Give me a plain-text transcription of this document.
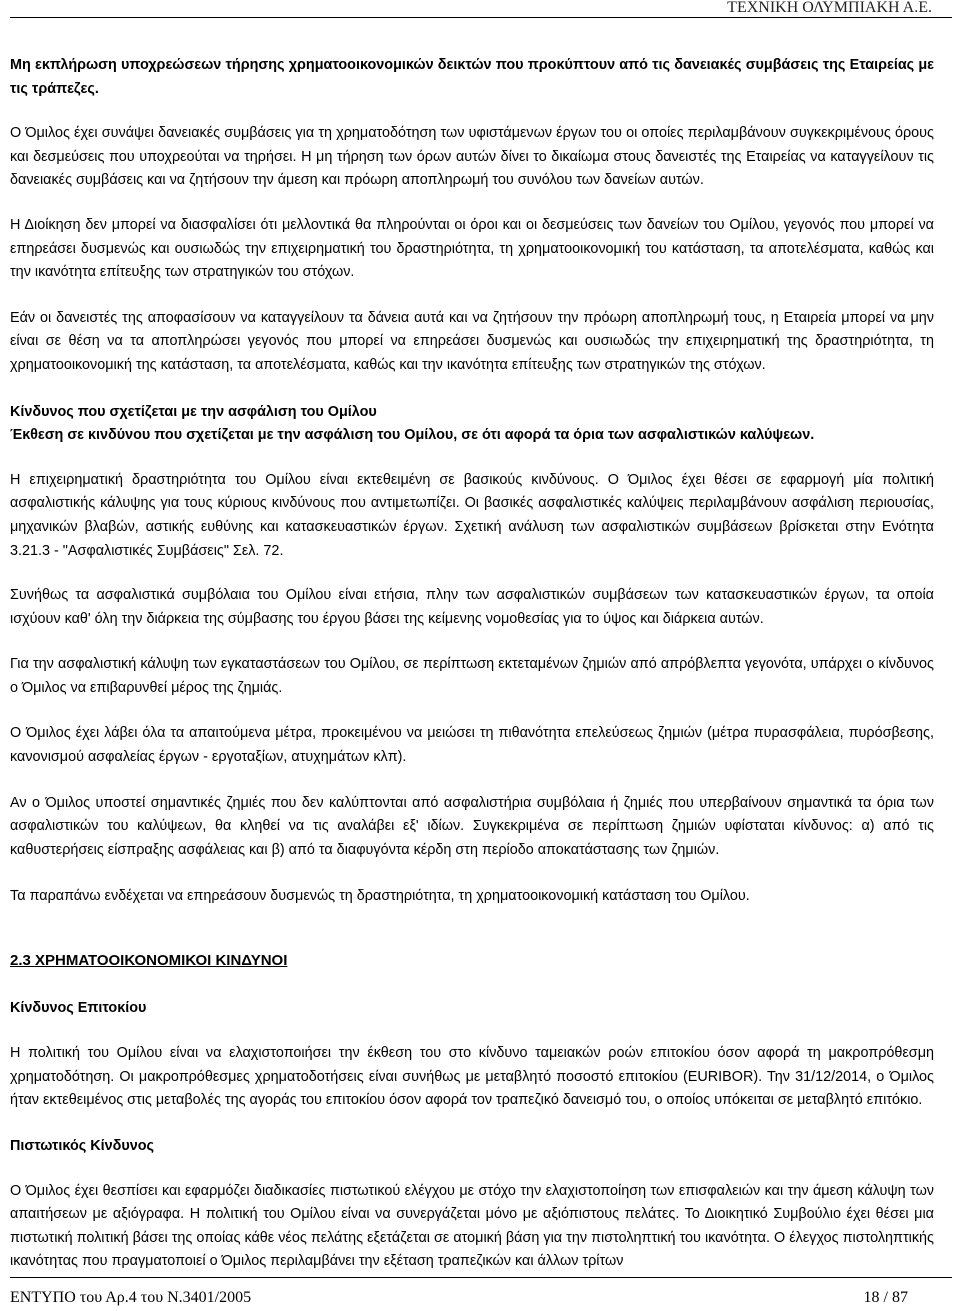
ΤΕΧΝΙΚΗ ΟΛΥΜΠΙΑΚΗ Α.Ε.

Μη εκπλήρωση υποχρεώσεων τήρησης χρηματοοικονομικών δεικτών που προκύπτουν από τις δανειακές συμβάσεις της Εταιρείας με τις τράπεζες.

Ο Όμιλος έχει συνάψει δανειακές συμβάσεις για τη χρηματοδότηση των υφιστάμενων έργων του οι οποίες περιλαμβάνουν συγκεκριμένους όρους και δεσμεύσεις που υποχρεούται να τηρήσει. Η μη τήρηση των όρων αυτών δίνει το δικαίωμα στους δανειστές της Εταιρείας να καταγγείλουν τις δανειακές συμβάσεις και να ζητήσουν την άμεση και πρόωρη αποπληρωμή του συνόλου των δανείων αυτών.

Η Διοίκηση δεν μπορεί να διασφαλίσει ότι μελλοντικά θα πληρούνται οι όροι και οι δεσμεύσεις των δανείων του Ομίλου, γεγονός που μπορεί να επηρεάσει δυσμενώς και ουσιωδώς την επιχειρηματική του δραστηριότητα, τη χρηματοοικονομική του κατάσταση, τα αποτελέσματα, καθώς και την ικανότητα επίτευξης των στρατηγικών του στόχων.

Εάν οι δανειστές της αποφασίσουν να καταγγείλουν τα δάνεια αυτά και να ζητήσουν την πρόωρη αποπληρωμή τους, η Εταιρεία μπορεί να μην είναι σε θέση να τα αποπληρώσει γεγονός που μπορεί να επηρεάσει δυσμενώς και ουσιωδώς την επιχειρηματική της δραστηριότητα, τη χρηματοοικονομική της κατάσταση, τα αποτελέσματα, καθώς και την ικανότητα επίτευξης των στρατηγικών της στόχων.

Κίνδυνος που σχετίζεται με την ασφάλιση του Ομίλου

Έκθεση σε κινδύνου που σχετίζεται με την ασφάλιση του Ομίλου, σε ότι αφορά τα όρια των ασφαλιστικών καλύψεων.

Η επιχειρηματική δραστηριότητα του Ομίλου είναι εκτεθειμένη σε βασικούς κινδύνους. Ο Όμιλος έχει θέσει σε εφαρμογή μία πολιτική ασφαλιστικής κάλυψης για τους κύριους κινδύνους που αντιμετωπίζει. Οι βασικές ασφαλιστικές καλύψεις περιλαμβάνουν ασφάλιση περιουσίας, μηχανικών βλαβών, αστικής ευθύνης και κατασκευαστικών έργων. Σχετική ανάλυση των ασφαλιστικών συμβάσεων βρίσκεται στην Ενότητα 3.21.3 - "Ασφαλιστικές Συμβάσεις" Σελ. 72.

Συνήθως τα ασφαλιστικά συμβόλαια του Ομίλου είναι ετήσια, πλην των ασφαλιστικών συμβάσεων των κατασκευαστικών έργων, τα οποία ισχύουν καθ' όλη την διάρκεια της σύμβασης του έργου βάσει της κείμενης νομοθεσίας για το ύψος και διάρκεια αυτών.

Για την ασφαλιστική κάλυψη των εγκαταστάσεων του Ομίλου, σε περίπτωση εκτεταμένων ζημιών από απρόβλεπτα γεγονότα, υπάρχει ο κίνδυνος ο Όμιλος να επιβαρυνθεί μέρος της ζημιάς.

Ο Όμιλος έχει λάβει όλα τα απαιτούμενα μέτρα, προκειμένου να μειώσει τη πιθανότητα επελεύσεως ζημιών (μέτρα πυρασφάλεια, πυρόσβεσης, κανονισμού ασφαλείας έργων - εργοταξίων, ατυχημάτων κλπ).

Αν ο Όμιλος υποστεί σημαντικές ζημιές που δεν καλύπτονται από ασφαλιστήρια συμβόλαια ή ζημιές που υπερβαίνουν σημαντικά τα όρια των ασφαλιστικών του καλύψεων, θα κληθεί να τις αναλάβει εξ' ιδίων. Συγκεκριμένα σε περίπτωση ζημιών υφίσταται κίνδυνος: α) από τις καθυστερήσεις είσπραξης ασφάλειας και β) από τα διαφυγόντα κέρδη στη περίοδο αποκατάστασης των ζημιών.

Τα παραπάνω ενδέχεται να επηρεάσουν δυσμενώς τη δραστηριότητα, τη χρηματοοικονομική κατάσταση του Ομίλου.

2.3 ΧΡΗΜΑΤΟΟΙΚΟΝΟΜΙΚΟΙ ΚΙΝΔΥΝΟΙ

Κίνδυνος Επιτοκίου

Η πολιτική του Ομίλου είναι να ελαχιστοποιήσει την έκθεση του στο κίνδυνο ταμειακών ροών επιτοκίου όσον αφορά τη μακροπρόθεσμη χρηματοδότηση. Οι μακροπρόθεσμες χρηματοδοτήσεις είναι συνήθως με μεταβλητό ποσοστό επιτοκίου (EURIBOR). Την 31/12/2014, ο Όμιλος ήταν εκτεθειμένος στις μεταβολές της αγοράς του επιτοκίου όσον αφορά τον τραπεζικό δανεισμό του, ο οποίος υπόκειται σε μεταβλητό επιτόκιο.

Πιστωτικός Κίνδυνος

Ο Όμιλος έχει θεσπίσει και εφαρμόζει διαδικασίες πιστωτικού ελέγχου με στόχο την ελαχιστοποίηση των επισφαλειών και την άμεση κάλυψη των απαιτήσεων με αξιόγραφα. Η πολιτική του Ομίλου είναι να συνεργάζεται μόνο με αξιόπιστους πελάτες. Το Διοικητικό Συμβούλιο έχει θέσει μια πιστωτική πολιτική βάσει της οποίας κάθε νέος πελάτης εξετάζεται σε ατομική βάση για την πιστοληπτική του ικανότητα. Ο έλεγχος πιστοληπτικής ικανότητας που πραγματοποιεί ο Όμιλος περιλαμβάνει την εξέταση τραπεζικών και άλλων τρίτων

ΕΝΤΥΠΟ του Αρ.4 του Ν.3401/2005	18 / 87
